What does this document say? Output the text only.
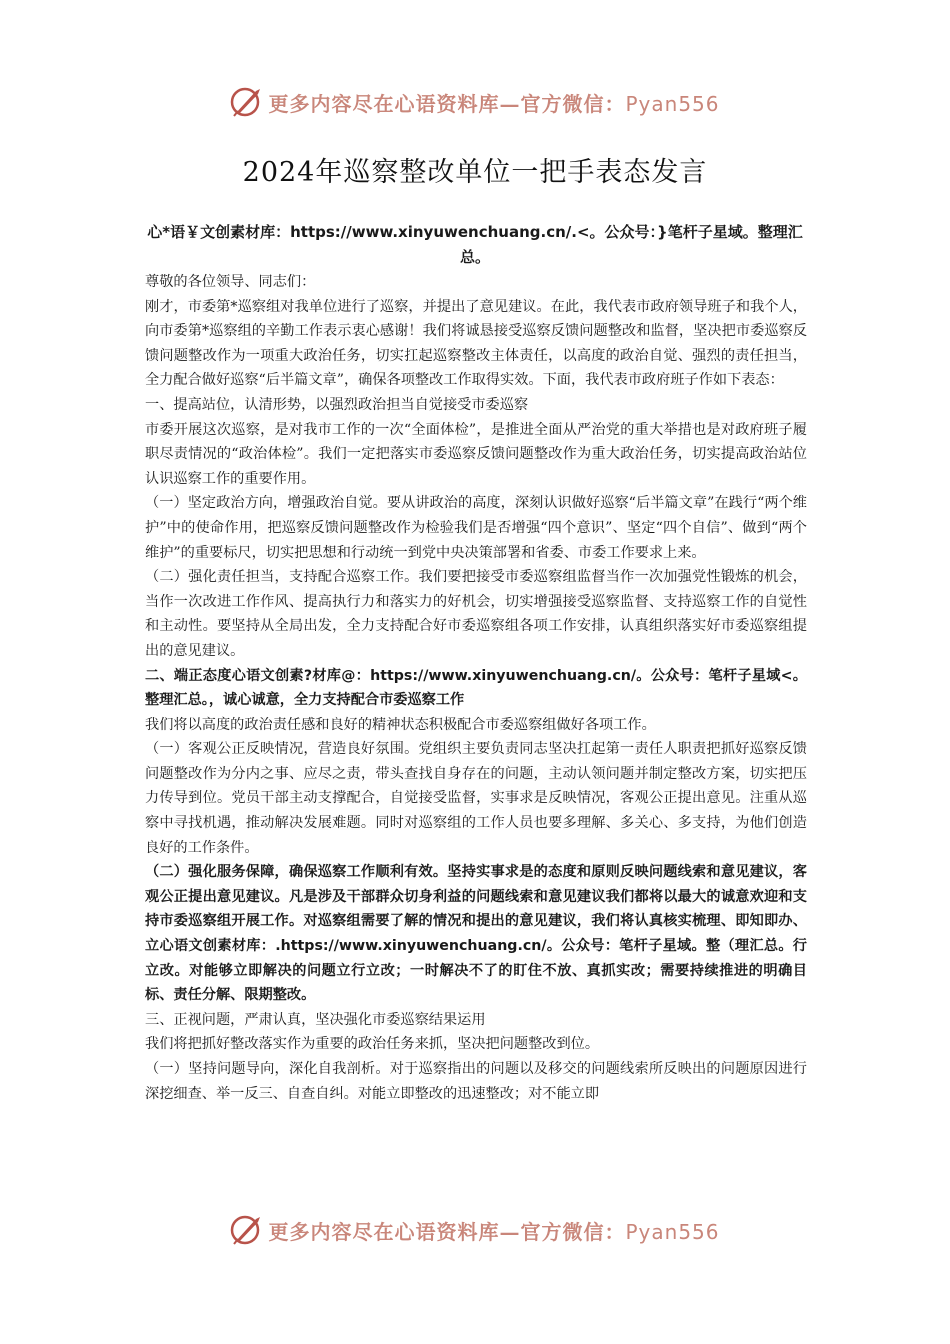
更多内容尽在心语资料库—官方微信：Pyan556
2024年巡察整改单位一把手表态发言
心*语￥文创素材库：https://www.xinyuwenchuang.cn/.<。公众号：}笔杆子星域。整理汇总。

尊敬的各位领导、同志们：

刚才，市委第*巡察组对我单位进行了巡察，并提出了意见建议。在此，我代表市政府领导班子和我个人，向市委第*巡察组的辛勤工作表示衷心感谢！我们将诚恳接受巡察反馈问题整改和监督，坚决把市委巡察反馈问题整改作为一项重大政治任务，切实扛起巡察整改主体责任，以高度的政治自觉、强烈的责任担当，全力配合做好巡察“后半篇文章”，确保各项整改工作取得实效。下面，我代表市政府班子作如下表态：

一、提高站位，认清形势，以强烈政治担当自觉接受市委巡察

市委开展这次巡察，是对我市工作的一次“全面体检”，是推进全面从严治党的重大举措也是对政府班子履职尽责情况的“政治体检”。我们一定把落实市委巡察反馈问题整改作为重大政治任务，切实提高政治站位认识巡察工作的重要作用。

（一）坚定政治方向，增强政治自觉。要从讲政治的高度，深刻认识做好巡察“后半篇文章”在践行“两个维护”中的使命作用，把巡察反馈问题整改作为检验我们是否增强“四个意识”、坚定“四个自信”、做到“两个维护”的重要标尺，切实把思想和行动统一到党中央决策部署和省委、市委工作要求上来。

（二）强化责任担当，支持配合巡察工作。我们要把接受市委巡察组监督当作一次加强党性锻炼的机会，当作一次改进工作作风、提高执行力和落实力的好机会，切实增强接受巡察监督、支持巡察工作的自觉性和主动性。要坚持从全局出发，全力支持配合好市委巡察组各项工作安排，认真组织落实好市委巡察组提出的意见建议。

二、端正态度心语文创素?材库@：https://www.xinyuwenchuang.cn/。公众号：笔杆子星域<。整理汇总。，诚心诚意，全力支持配合市委巡察工作

我们将以高度的政治责任感和良好的精神状态积极配合市委巡察组做好各项工作。

（一）客观公正反映情况，营造良好氛围。党组织主要负责同志坚决扛起第一责任人职责把抓好巡察反馈问题整改作为分内之事、应尽之责，带头查找自身存在的问题，主动认领问题并制定整改方案，切实把压力传导到位。党员干部主动支撑配合，自觉接受监督，实事求是反映情况，客观公正提出意见。注重从巡察中寻找机遇，推动解决发展难题。同时对巡察组的工作人员也要多理解、多关心、多支持，为他们创造良好的工作条件。

（二）强化服务保障，确保巡察工作顺利有效。坚持实事求是的态度和原则反映问题线索和意见建议，客观公正提出意见建议。凡是涉及干部群众切身利益的问题线索和意见建议我们都将以最大的诚意欢迎和支持市委巡察组开展工作。对巡察组需要了解的情况和提出的意见建议，我们将认真核实梳理、即知即办、立心语文创素材库：.https://www.xinyuwenchuang.cn/。公众号：笔杆子星域。整（理汇总。行立改。对能够立即解决的问题立行立改；一时解决不了的盯住不放、真抓实改；需要持续推进的明确目标、责任分解、限期整改。

三、正视问题，严肃认真，坚决强化市委巡察结果运用

我们将把抓好整改落实作为重要的政治任务来抓，坚决把问题整改到位。

（一）坚持问题导向，深化自我剖析。对于巡察指出的问题以及移交的问题线索所反映出的问题原因进行深挖细查、举一反三、自查自纠。对能立即整改的迅速整改；对不能立即

更多内容尽在心语资料库—官方微信：Pyan556
